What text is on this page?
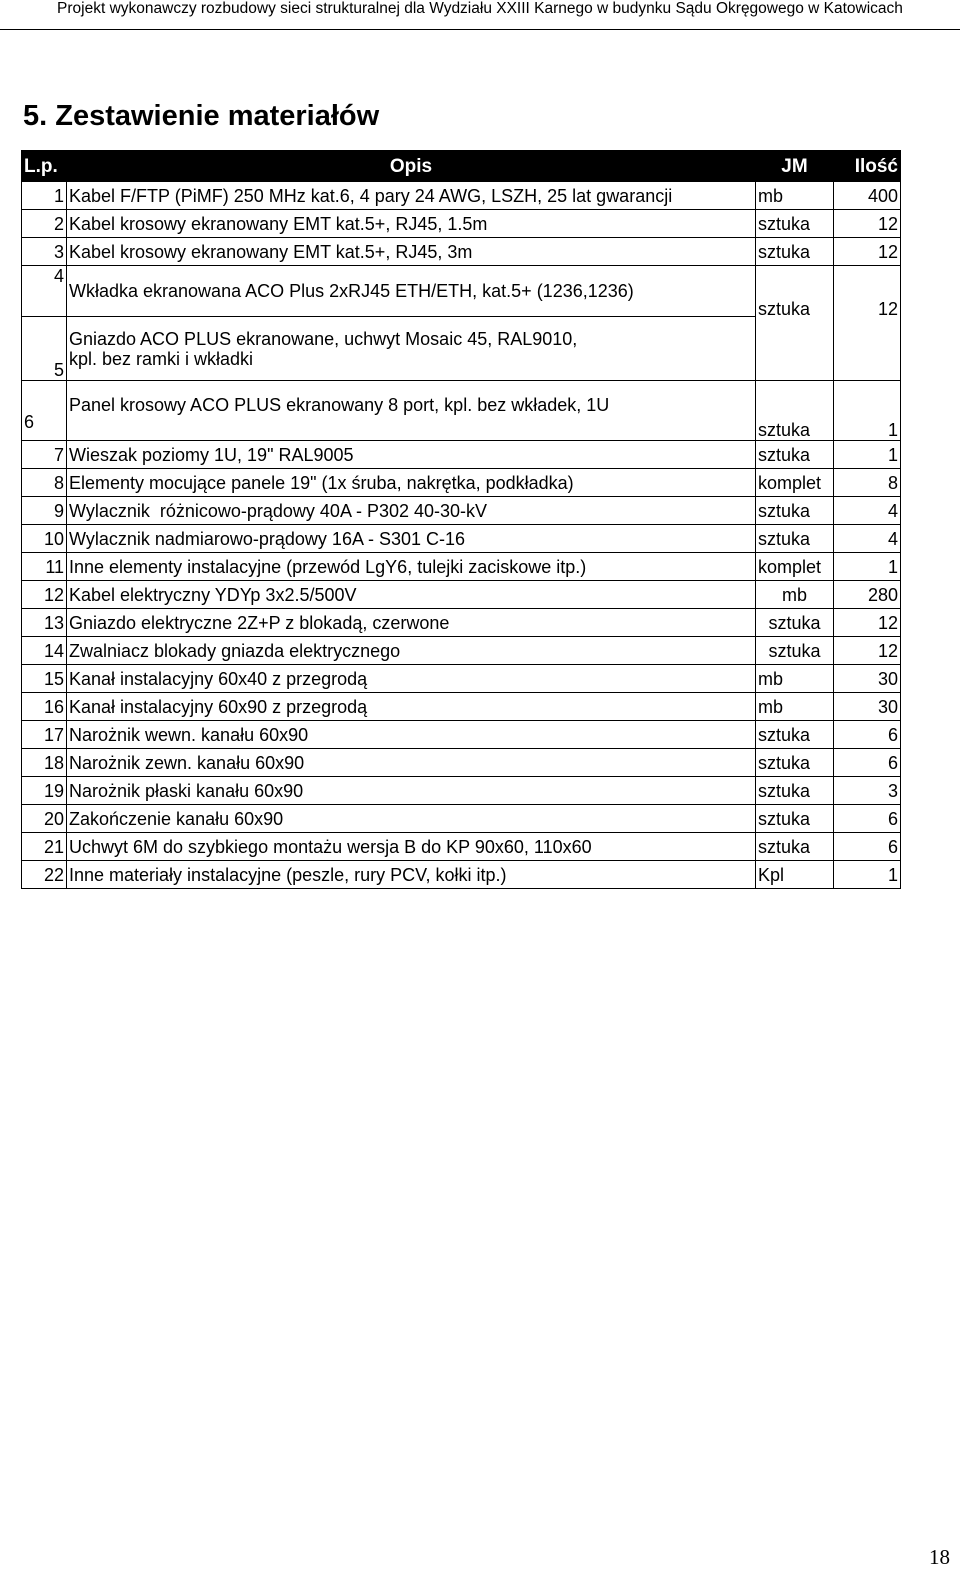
Projekt wykonawczy rozbudowy sieci strukturalnej dla Wydziału XXIII Karnego w budynku Sądu Okręgowego w Katowicach
5. Zestawienie materiałów
L.p.	Opis	JM	Ilość
1	Kabel F/FTP (PiMF) 250 MHz kat.6, 4 pary 24 AWG, LSZH, 25 lat gwarancji	mb	400
2	Kabel krosowy ekranowany EMT kat.5+, RJ45, 1.5m	sztuka	12
3	Kabel krosowy ekranowany EMT kat.5+, RJ45, 3m	sztuka	12
4	Wkładka ekranowana ACO Plus 2xRJ45 ETH/ETH, kat.5+ (1236,1236)	sztuka	12
5	Gniazdo ACO PLUS ekranowane, uchwyt Mosaic 45, RAL9010, kpl. bez ramki i wkładki		
6	Panel krosowy ACO PLUS ekranowany 8 port, kpl. bez wkładek, 1U	sztuka	1
7	Wieszak poziomy 1U, 19" RAL9005	sztuka	1
8	Elementy mocujące panele 19" (1x śruba, nakrętka, podkładka)	komplet	8
9	Wylacznik  różnicowo-prądowy 40A - P302 40-30-kV	sztuka	4
10	Wylacznik nadmiarowo-prądowy 16A - S301 C-16	sztuka	4
11	Inne elementy instalacyjne (przewód LgY6, tulejki zaciskowe itp.)	komplet	1
12	Kabel elektryczny YDYp 3x2.5/500V	mb	280
13	Gniazdo elektryczne 2Z+P z blokadą, czerwone	sztuka	12
14	Zwalniacz blokady gniazda elektrycznego	sztuka	12
15	Kanał instalacyjny 60x40 z przegrodą	mb	30
16	Kanał instalacyjny 60x90 z przegrodą	mb	30
17	Narożnik wewn. kanału 60x90	sztuka	6
18	Narożnik zewn. kanału 60x90	sztuka	6
19	Narożnik płaski kanału 60x90	sztuka	3
20	Zakończenie kanału 60x90	sztuka	6
21	Uchwyt 6M do szybkiego montażu wersja B do KP 90x60, 110x60	sztuka	6
22	Inne materiały instalacyjne (peszle, rury PCV, kołki itp.)	Kpl	1
18
